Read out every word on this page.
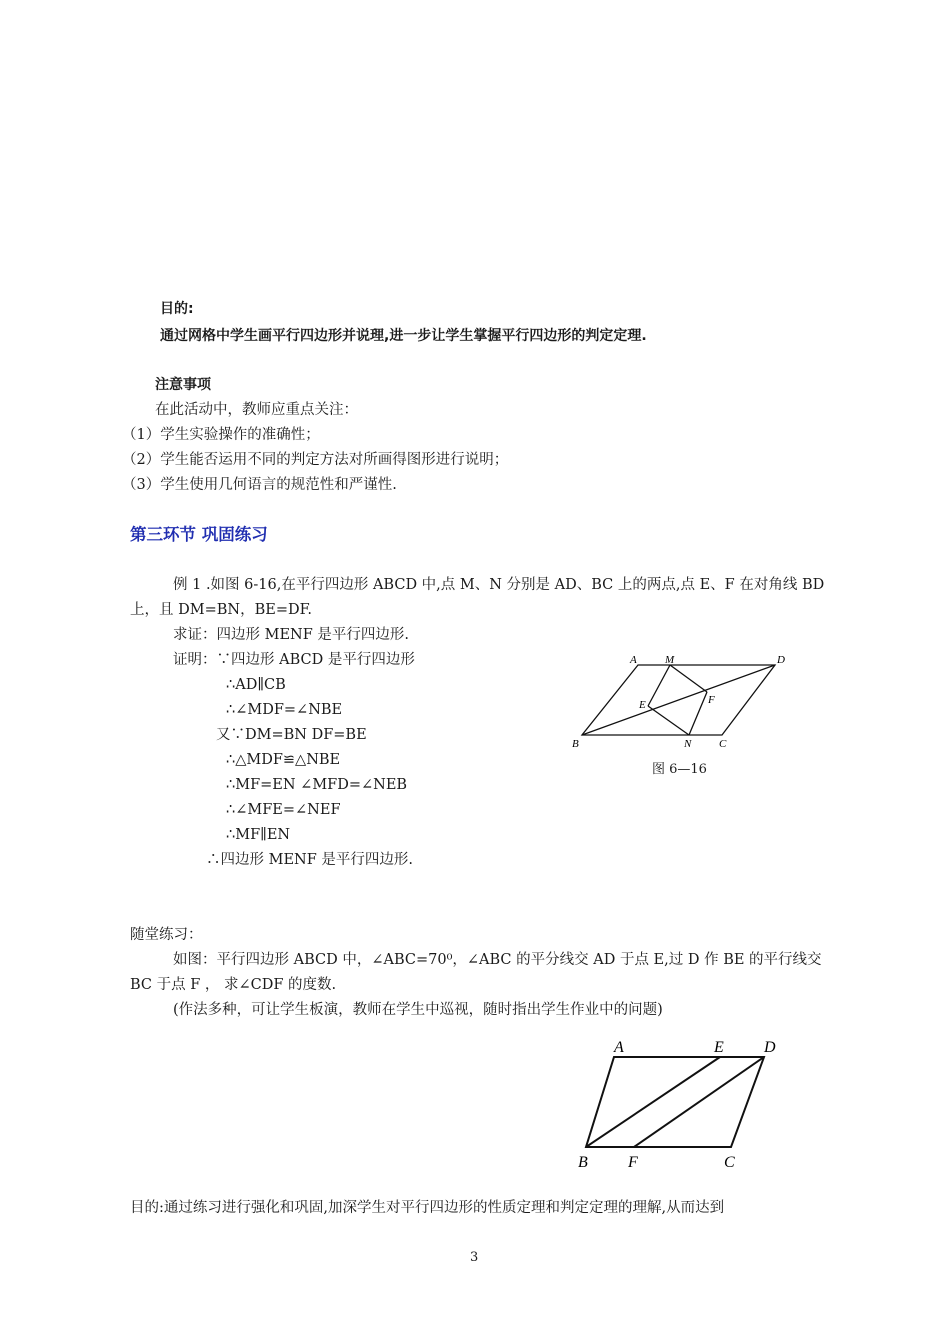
目的:
通过网格中学生画平行四边形并说理,进一步让学生掌握平行四边形的判定定理.
注意事项
在此活动中，教师应重点关注：
（1）学生实验操作的准确性；
（2）学生能否运用不同的判定方法对所画得图形进行说明；
（3）学生使用几何语言的规范性和严谨性.
第三环节 巩固练习
例 1 .如图 6-16,在平行四边形 ABCD 中,点 M、N 分别是 AD、BC 上的两点,点 E、F 在对角线 BD
上，且 DM=BN，BE=DF.
求证：四边形 MENF 是平行四边形.
证明：∵四边形 ABCD 是平行四边形
∴AD∥CB
∴∠MDF=∠NBE
又∵DM=BN DF=BE
∴△MDF≌△NBE
∴MF=EN ∠MFD=∠NEB
∴∠MFE=∠NEF
∴MF∥EN
∴四边形 MENF 是平行四边形.
A	M	D
E	F
B	N	C
图 6—16
随堂练习：
如图：平行四边形 ABCD 中，∠ABC=70⁰，∠ABC 的平分线交 AD 于点 E,过 D 作 BE 的平行线交
BC 于点 F ， 求∠CDF 的度数.
(作法多种，可让学生板演，教师在学生中巡视，随时指出学生作业中的问题)
A	E	D
B	F	C
目的:通过练习进行强化和巩固,加深学生对平行四边形的性质定理和判定定理的理解,从而达到
3
